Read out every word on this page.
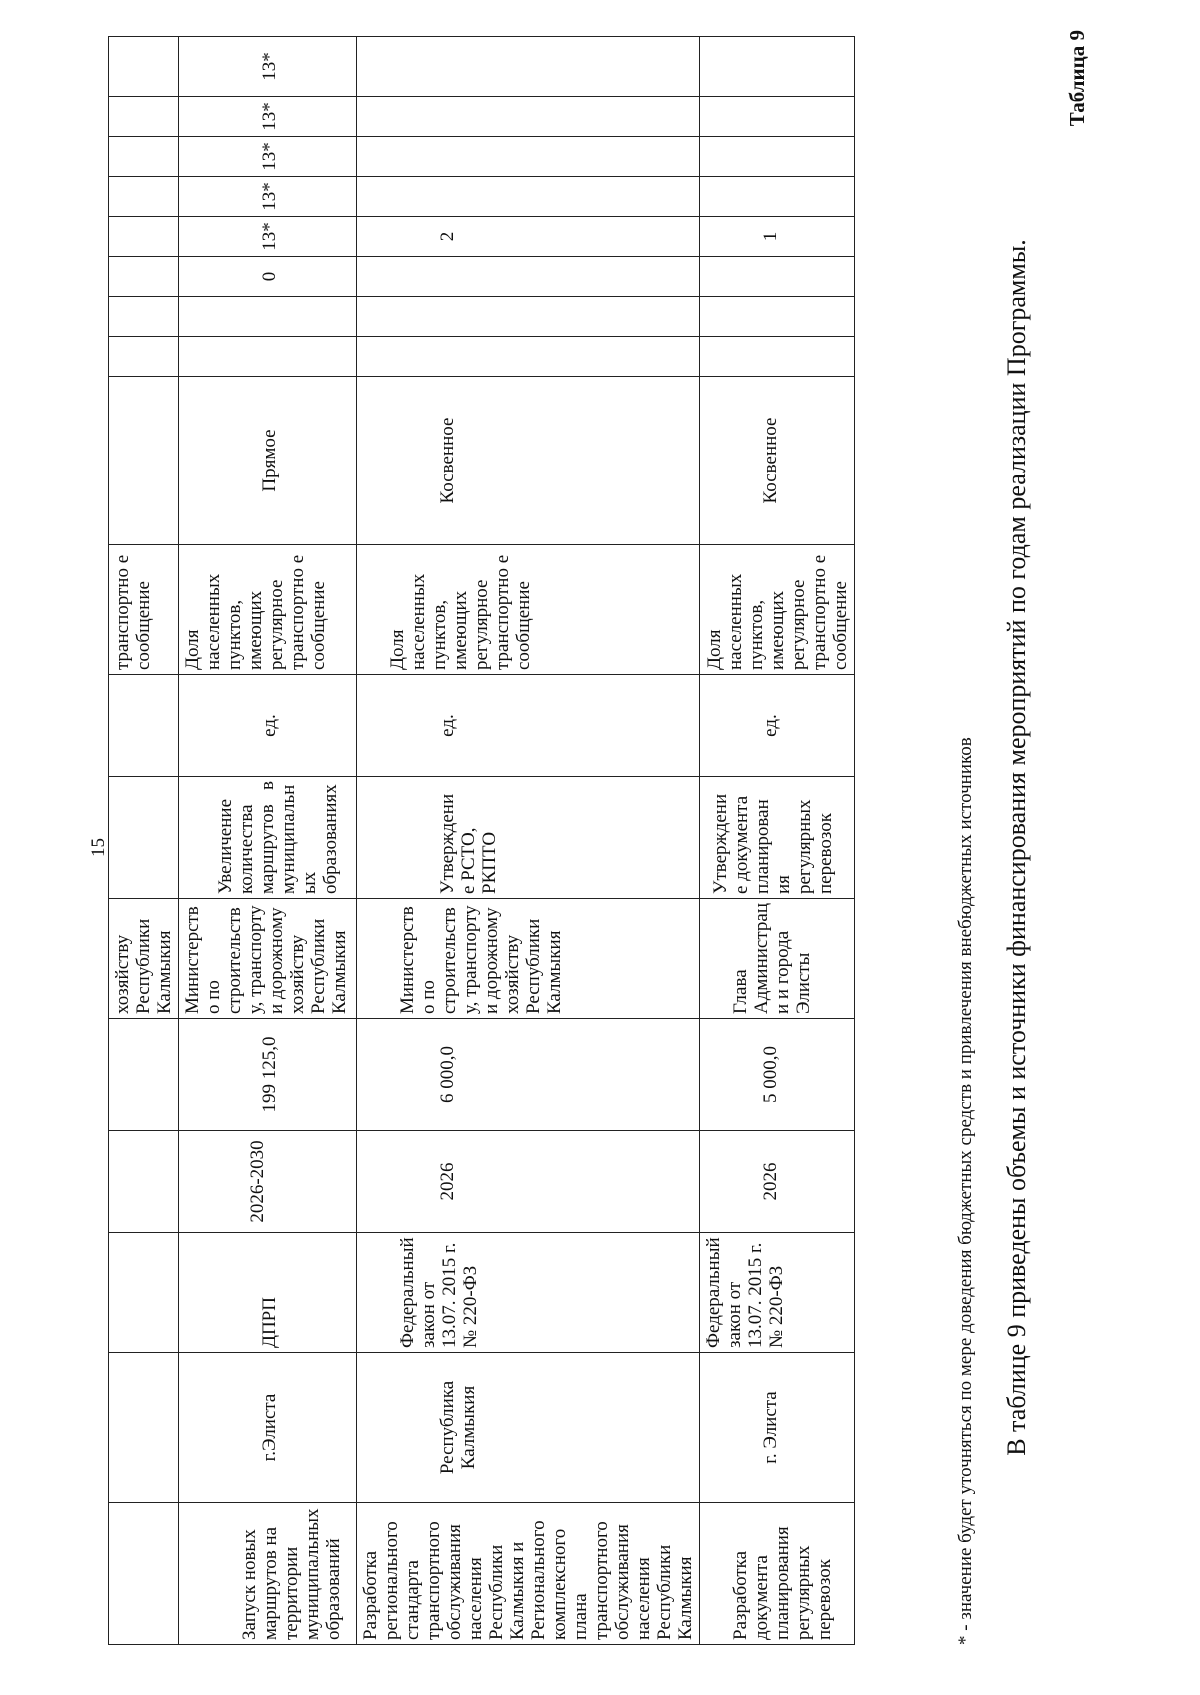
15
					хозяйству Республики Калмыкия			транспортно е сообщение									
Запуск новых маршрутов на территории муниципальных образований	г.Элиста	ДПРП	2026-2030	199 125,0	Министерство по строительству, транспорту и дорожному хозяйству Республики Калмыкия	Увеличение количества маршрутов в муниципальных образованиях	ед.	Доля населенных пунктов, имеющих регулярное транспортно е сообщение	Прямое			0	13*	13*	13*	13*	13*
Разработка регионального стандарта транспортного обслуживания населения Республики Калмыкия и Регионального комплексного плана транспортного обслуживания населения Республики Калмыкия	Республика Калмыкия	Федеральный закон от 13.07. 2015 г. № 220-ФЗ	2026	6 000,0	Министерство по строительству, транспорту и дорожному хозяйству Республики Калмыкия	Утверждени е РСТО, РКПТО	ед.	Доля населенных пунктов, имеющих регулярное транспортно е сообщение	Косвенное				2				
Разработка документа планирования регулярных перевозок	г. Элиста	Федеральный закон от 13.07. 2015 г. № 220-ФЗ	2026	5 000,0	Глава Администраци и города Элисты	Утверждени е документа планирован ия регулярных перевозок	ед.	Доля населенных пунктов, имеющих регулярное транспортно е сообщение	Косвенное				1				
* - значение будет уточняться по мере доведения бюджетных средств и привлечения внебюджетных источников В таблице 9 приведены объемы и источники финансирования мероприятий по годам реализации Программы.
Таблица 9
